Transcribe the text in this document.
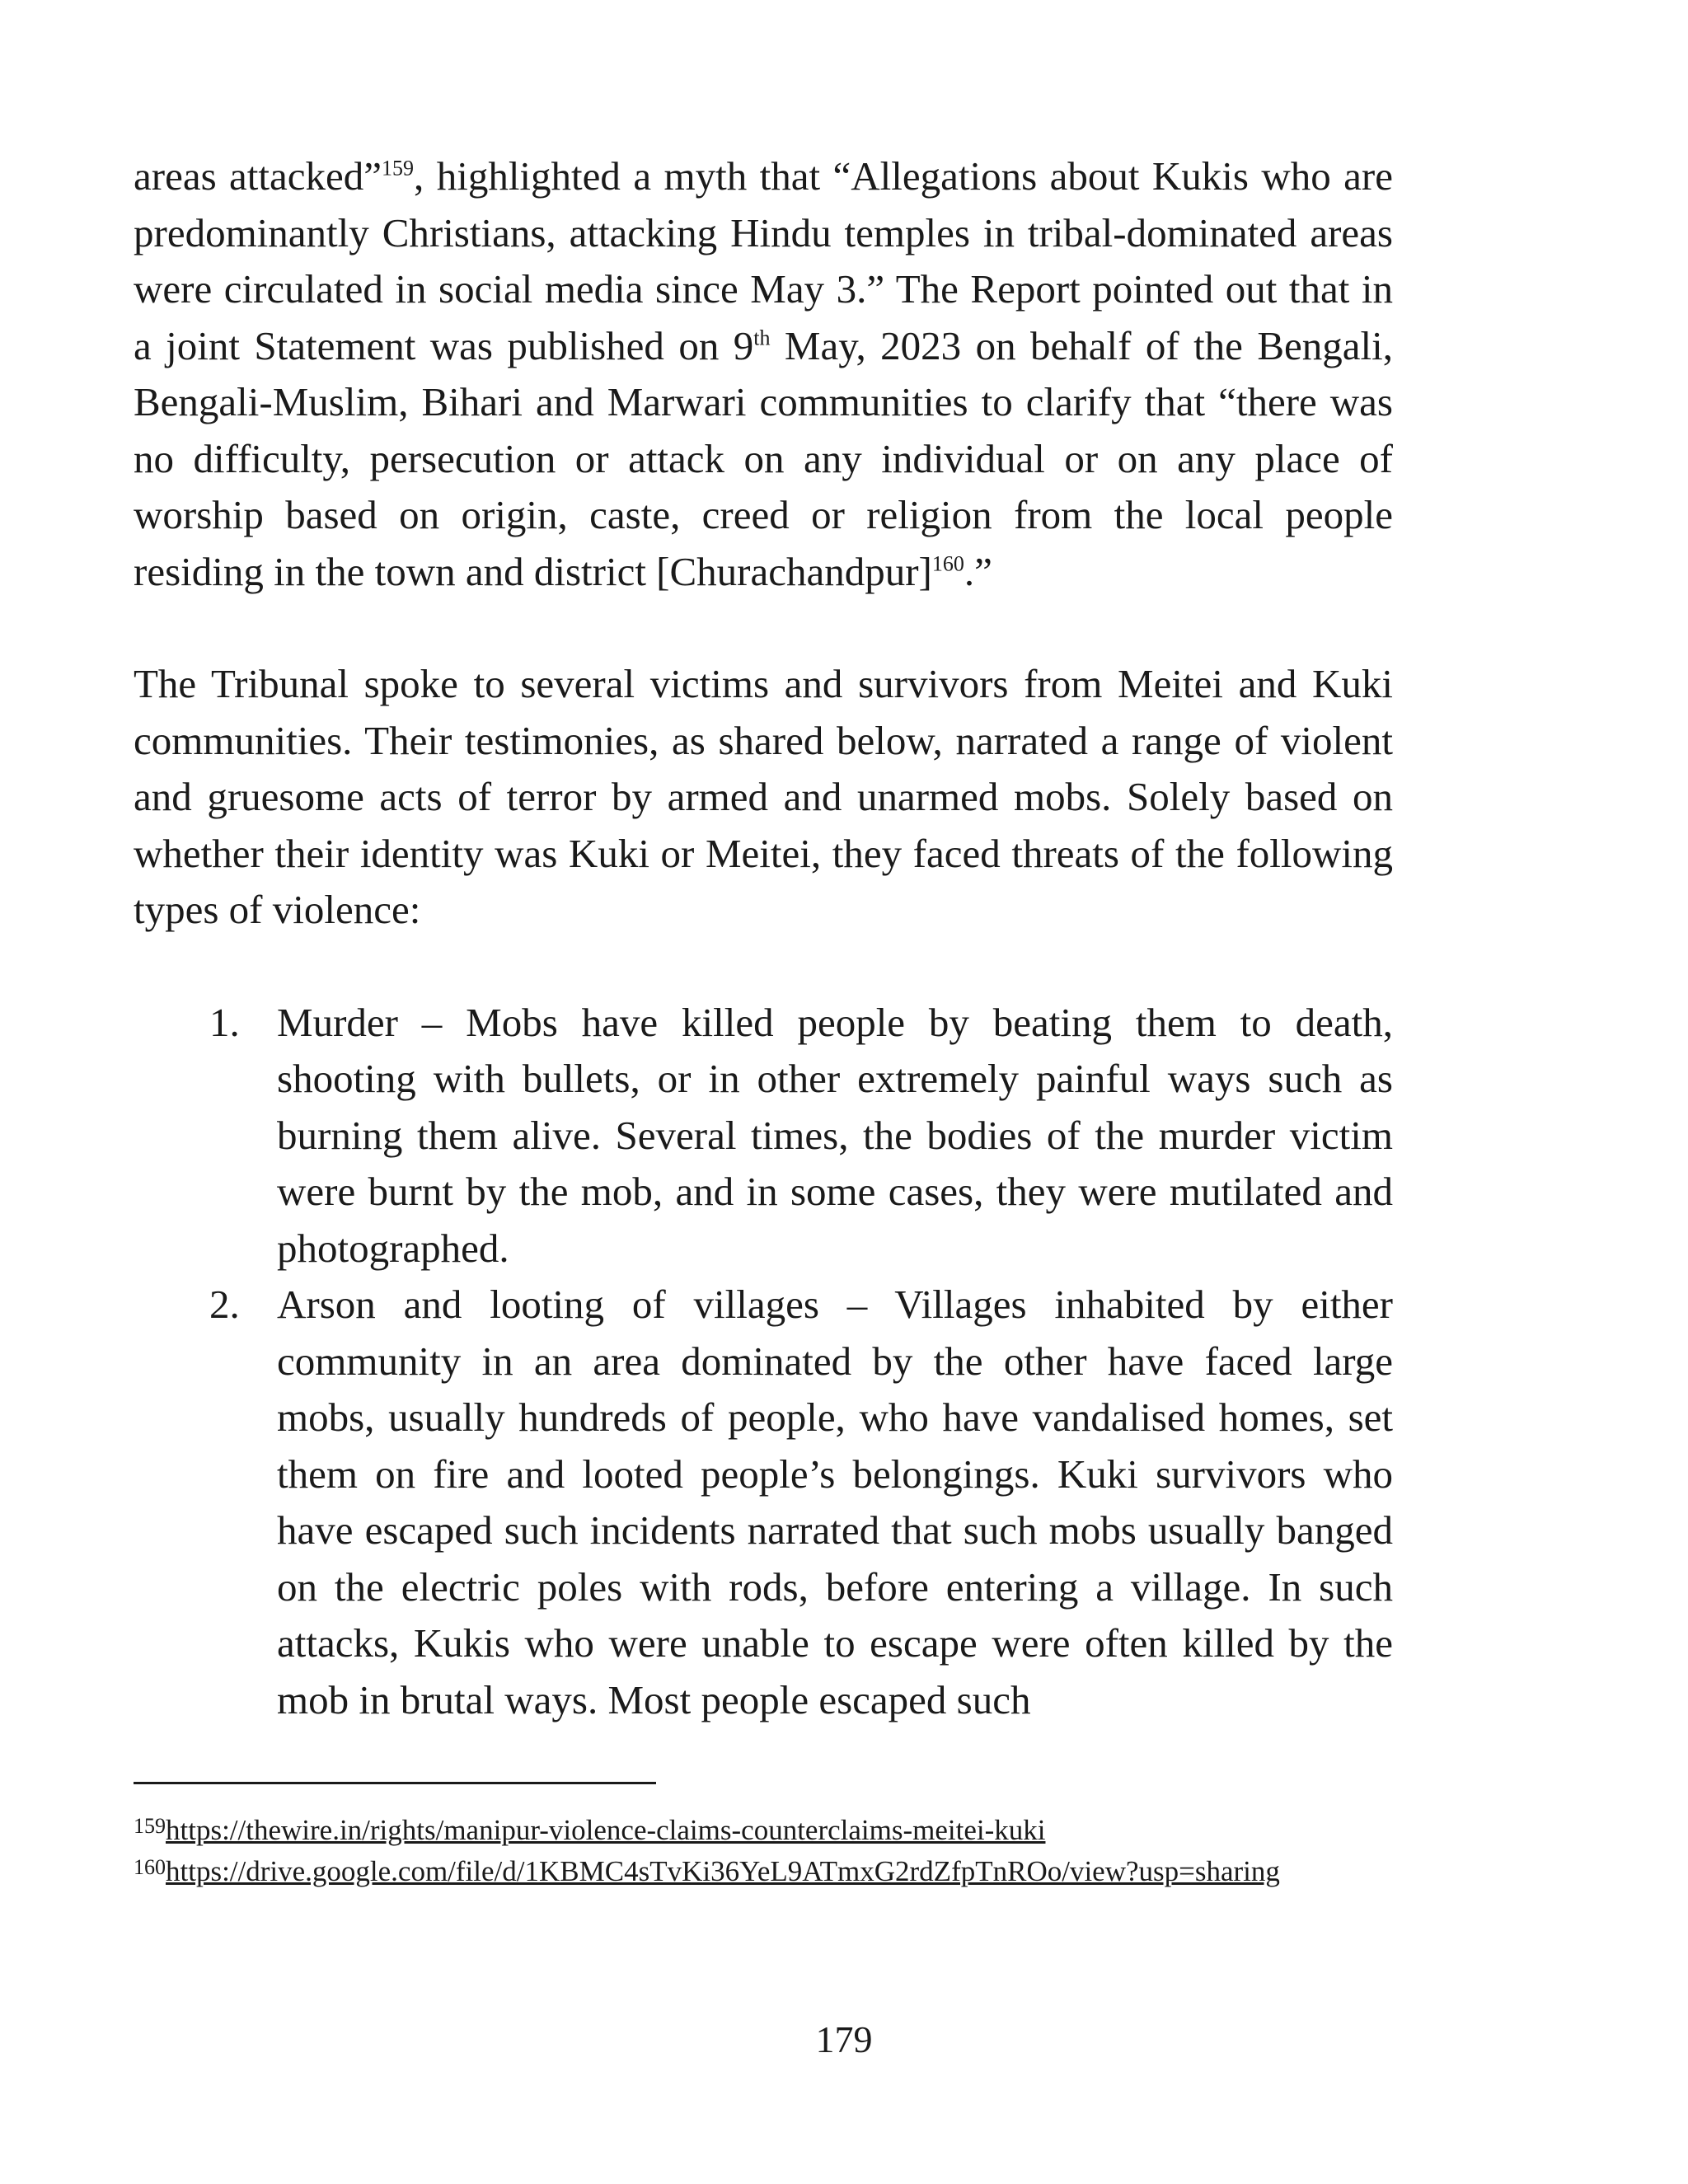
areas attacked”$^{159}$, highlighted a myth that “Allegations about Kukis who are predominantly Christians, attacking Hindu temples in tribal-dominated areas were circulated in social media since May 3.” The Report pointed out that in a joint Statement was published on 9th May, 2023 on behalf of the Bengali, Bengali-Muslim, Bihari and Marwari communities to clarify that “there was no difficulty, persecution or attack on any individual or on any place of worship based on origin, caste, creed or religion from the local people residing in the town and district [Churachandpur]$^{160}$.”

The Tribunal spoke to several victims and survivors from Meitei and Kuki communities. Their testimonies, as shared below, narrated a range of violent and gruesome acts of terror by armed and unarmed mobs. Solely based on whether their identity was Kuki or Meitei, they faced threats of the following types of violence:

1. Murder – Mobs have killed people by beating them to death, shooting with bullets, or in other extremely painful ways such as burning them alive. Several times, the bodies of the murder victim were burnt by the mob, and in some cases, they were mutilated and photographed.
2. Arson and looting of villages – Villages inhabited by either community in an area dominated by the other have faced large mobs, usually hundreds of people, who have vandalised homes, set them on fire and looted people’s belongings. Kuki survivors who have escaped such incidents narrated that such mobs usually banged on the electric poles with rods, before entering a village. In such attacks, Kukis who were unable to escape were often killed by the mob in brutal ways. Most people escaped such

$^{159}$https://thewire.in/rights/manipur-violence-claims-counterclaims-meitei-kuki

$^{160}$https://drive.google.com/file/d/1KBMC4sTvKi36YeL9ATmxG2rdZfpTnROo/view?usp=sharing

179
